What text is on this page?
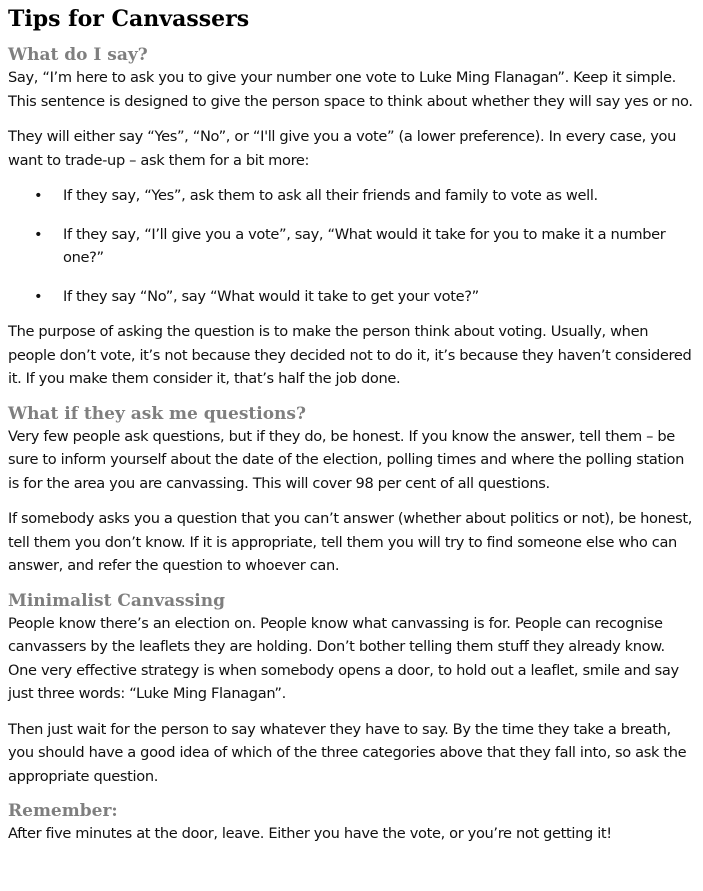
Tips for Canvassers
What do I say?

Say, “I’m here to ask you to give your number one vote to Luke Ming Flanagan”. Keep it simple. This sentence is designed to give the person space to think about whether they will say yes or no.

They will either say “Yes”, “No”, or “I'll give you a vote” (a lower preference). In every case, you want to trade-up – ask them for a bit more:

• If they say, “Yes”, ask them to ask all their friends and family to vote as well.
• If they say, “I’ll give you a vote”, say, “What would it take for you to make it a number one?”
• If they say “No”, say “What would it take to get your vote?”

The purpose of asking the question is to make the person think about voting. Usually, when people don’t vote, it’s not because they decided not to do it, it’s because they haven’t considered it. If you make them consider it, that’s half the job done.

What if they ask me questions?

Very few people ask questions, but if they do, be honest. If you know the answer, tell them – be sure to inform yourself about the date of the election, polling times and where the polling station is for the area you are canvassing. This will cover 98 per cent of all questions.

If somebody asks you a question that you can’t answer (whether about politics or not), be honest, tell them you don’t know. If it is appropriate, tell them you will try to find someone else who can answer, and refer the question to whoever can.

Minimalist Canvassing

People know there’s an election on. People know what canvassing is for. People can recognise canvassers by the leaflets they are holding. Don’t bother telling them stuff they already know. One very effective strategy is when somebody opens a door, to hold out a leaflet, smile and say just three words: “Luke Ming Flanagan”.

Then just wait for the person to say whatever they have to say. By the time they take a breath, you should have a good idea of which of the three categories above that they fall into, so ask the appropriate question.

Remember:

After five minutes at the door, leave. Either you have the vote, or you’re not getting it!
